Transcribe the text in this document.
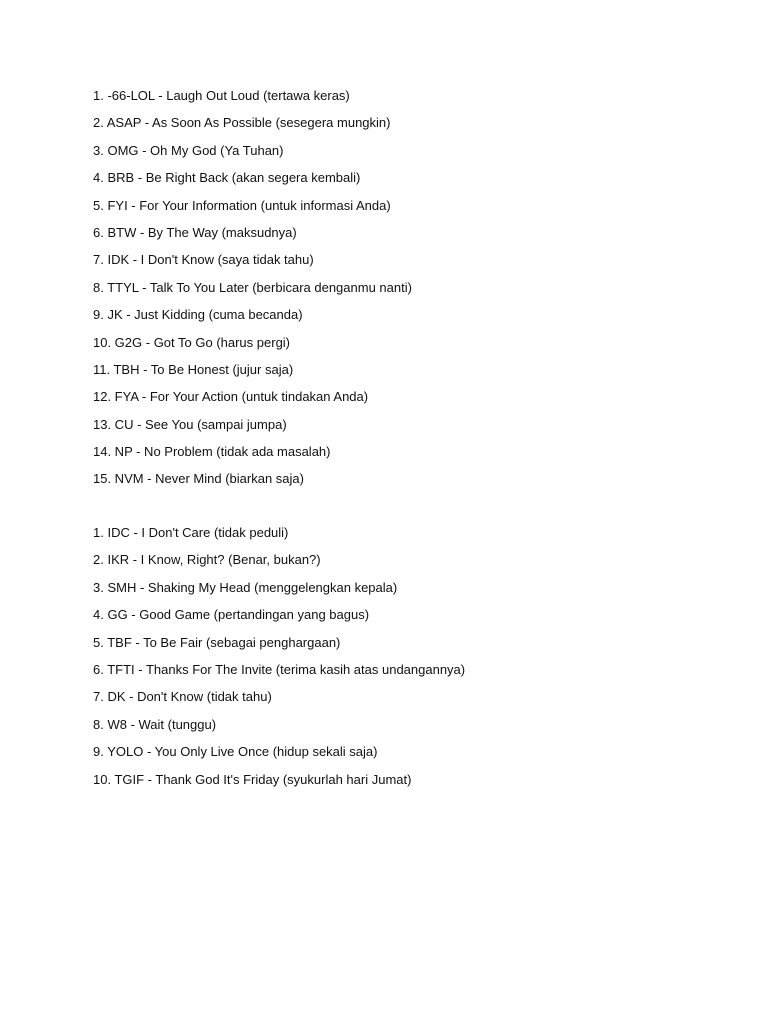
1. -66-LOL - Laugh Out Loud (tertawa keras)
2. ASAP - As Soon As Possible (sesegera mungkin)
3. OMG - Oh My God (Ya Tuhan)
4. BRB - Be Right Back (akan segera kembali)
5. FYI - For Your Information (untuk informasi Anda)
6. BTW - By The Way (maksudnya)
7. IDK - I Don't Know (saya tidak tahu)
8. TTYL - Talk To You Later (berbicara denganmu nanti)
9. JK - Just Kidding (cuma becanda)
10. G2G - Got To Go (harus pergi)
11. TBH - To Be Honest (jujur saja)
12. FYA - For Your Action (untuk tindakan Anda)
13. CU - See You (sampai jumpa)
14. NP - No Problem (tidak ada masalah)
15. NVM - Never Mind (biarkan saja)
1. IDC - I Don't Care (tidak peduli)
2. IKR - I Know, Right? (Benar, bukan?)
3. SMH - Shaking My Head (menggelengkan kepala)
4. GG - Good Game (pertandingan yang bagus)
5. TBF - To Be Fair (sebagai penghargaan)
6. TFTI - Thanks For The Invite (terima kasih atas undangannya)
7. DK - Don't Know (tidak tahu)
8. W8 - Wait (tunggu)
9. YOLO - You Only Live Once (hidup sekali saja)
10. TGIF - Thank God It's Friday (syukurlah hari Jumat)
